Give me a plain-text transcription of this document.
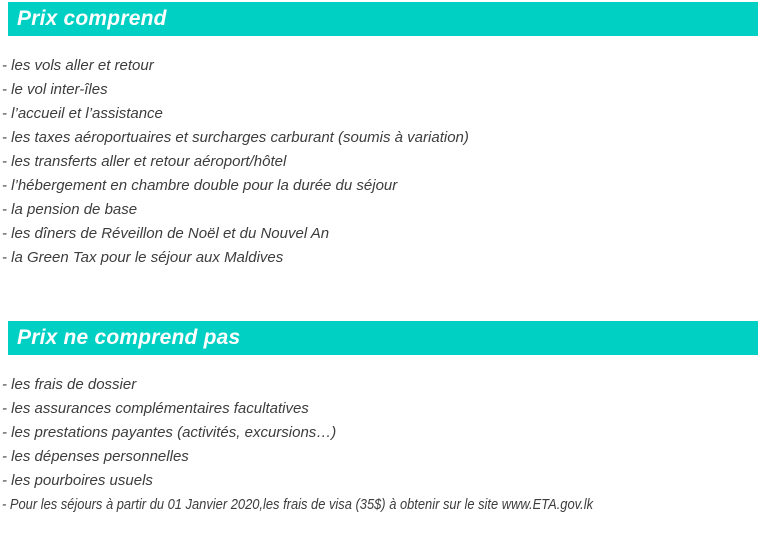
Prix comprend
- les vols aller et retour
- le vol inter-îles
- l’accueil et l’assistance
- les taxes aéroportuaires et surcharges carburant (soumis à variation)
- les transferts aller et retour aéroport/hôtel
- l’hébergement en chambre double pour la durée du séjour
- la pension de base
- les dîners de Réveillon de Noël et du Nouvel An
- la Green Tax pour le séjour aux Maldives
Prix ne comprend pas
- les frais de dossier
- les assurances complémentaires facultatives
- les prestations payantes (activités, excursions…)
- les dépenses personnelles
- les pourboires usuels
- Pour les séjours à partir du 01 Janvier 2020,les frais de visa (35$) à obtenir sur le site www.ETA.gov.lk
